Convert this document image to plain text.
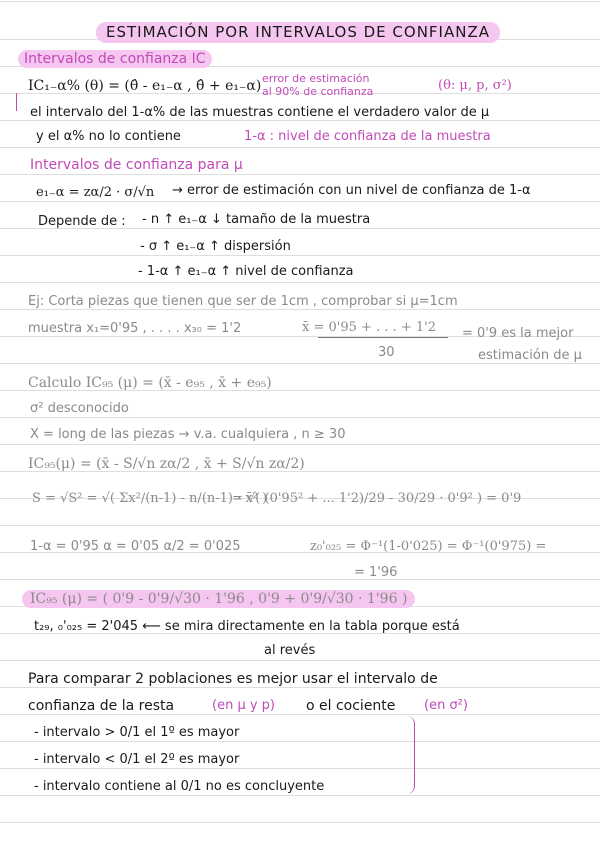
ESTIMACIÓN POR INTERVALOS DE CONFIANZA
Intervalos de confianza IC
IC₁₋α% (θ) = (θ̂ - e₁₋α , θ̂ + e₁₋α) error de estimación
al 90% de confianza	(θ: μ, p, σ²)
el intervalo del 1-α% de las muestras contiene el verdadero valor de μ
y el α% no lo contiene	1-α : nivel de confianza de la muestra
Intervalos de confianza para μ
e₁₋α = zα/2 · σ/√n → error de estimación con un nivel de confianza de 1-α
Depende de : - n ↑ e₁₋α ↓ tamaño de la muestra
- σ ↑ e₁₋α ↑ dispersión
- 1-α ↑ e₁₋α ↑ nivel de confianza
Ej: Corta piezas que tienen que ser de 1cm , comprobar si μ=1cm
muestra x₁=0'95 , . . . . x₃₀ = 1'2	x̄ = 0'95 + . . . + 1'2
30
= 0'9 es la mejor
estimación de μ
Calculo IC₉₅ (μ) = (x̄ - e₉₅ , x̄ + e₉₅)
σ² desconocido
X = long de las piezas → v.a. cualquiera , n ≥ 30
IC₉₅(μ) = (x̄ - S/√n zα/2 , x̄ + S/√n zα/2)
S = √S² = √( Σx²/(n-1) - n/(n-1) · x̄² )
= √( (0'95² + ... 1'2)/29 - 30/29 · 0'9² ) = 0'9
1-α = 0'95 α = 0'05 α/2 = 0'025	z₀'₀₂₅ = Φ⁻¹(1-0'025) = Φ⁻¹(0'975) =
= 1'96
IC₉₅ (μ) = ( 0'9 - 0'9/√30 · 1'96 , 0'9 + 0'9/√30 · 1'96 )
t₂₉, ₀'₀₂₅ = 2'045 ⟵ se mira directamente en la tabla porque está
al revés
Para comparar 2 poblaciones es mejor usar el intervalo de
confianza de la resta	(en μ y p) o el cociente (en σ²)
- intervalo > 0/1 el 1º es mayor
- intervalo < 0/1 el 2º es mayor
- intervalo contiene al 0/1 no es concluyente
